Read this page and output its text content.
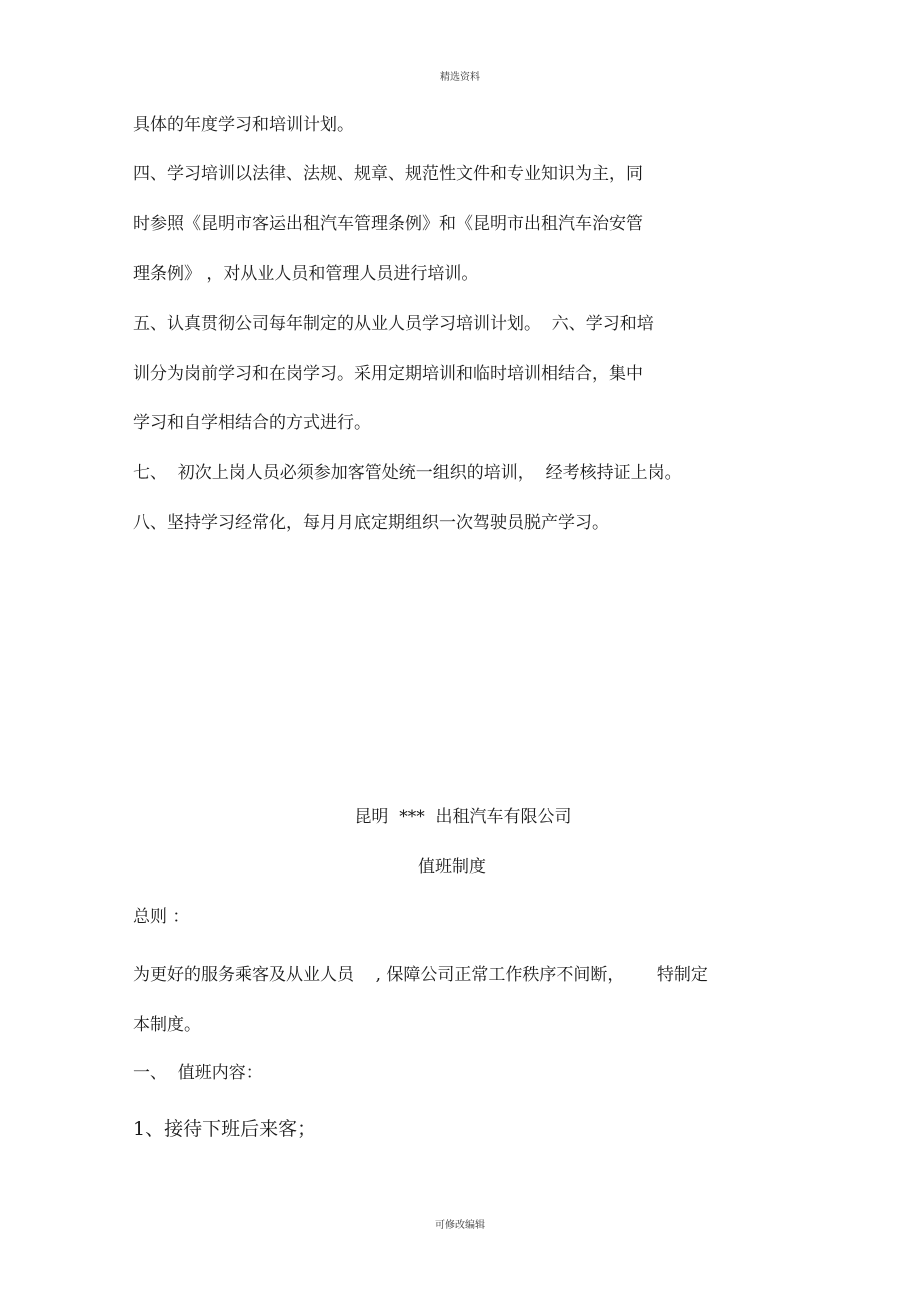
精选资料
具体的年度学习和培训计划。
四、学习培训以法律、法规、规章、规范性文件和专业知识为主，同
时参照《昆明市客运出租汽车管理条例》和《昆明市出租汽车治安管
理条例》 ，对从业人员和管理人员进行培训。
五、认真贯彻公司每年制定的从业人员学习培训计划。  六、学习和培
训分为岗前学习和在岗学习。采用定期培训和临时培训相结合，集中
学习和自学相结合的方式进行。
七、  初次上岗人员必须参加客管处统一组织的培训，  经考核持证上岗。
八、坚持学习经常化，每月月底定期组织一次驾驶员脱产学习。
昆明  ***  出租汽车有限公司
值班制度
总则 ：
为更好的服务乘客及从业人员    , 保障公司正常工作秩序不间断，      特制定
本制度。
一、  值班内容：
1、接待下班后来客；
可修改编辑
